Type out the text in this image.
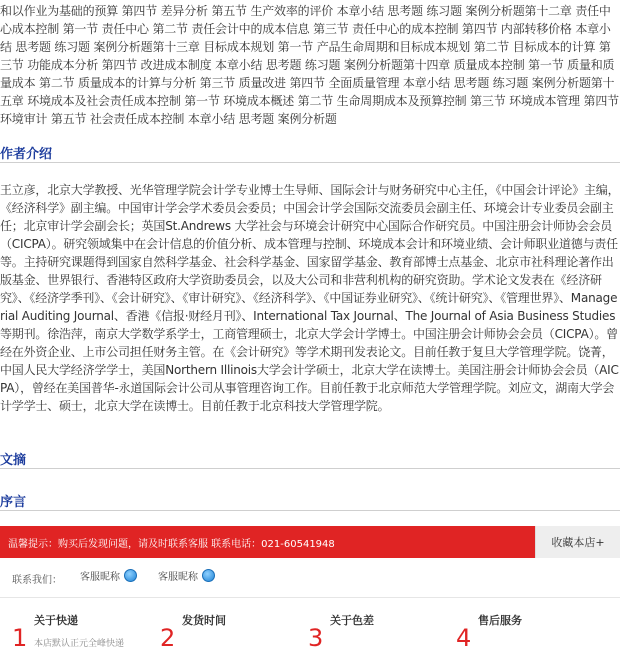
和以作业为基础的预算 第四节 差异分析 第五节 生产效率的评价 本章小结 思考题 练习题 案例分析题第十二章 责任中心成本控制 第一节 责任中心 第二节 责任会计中的成本信息 第三节 责任中心的成本控制 第四节 内部转移价格 本章小结 思考题 练习题 案例分析题第十三章 目标成本规划 第一节 产品生命周期和目标成本规划 第二节 目标成本的计算 第三节 功能成本分析 第四节 改进成本制度 本章小结 思考题 练习题 案例分析题第十四章 质量成本控制 第一节 质量和质量成本 第二节 质量成本的计算与分析 第三节 质量改进 第四节 全面质量管理 本章小结 思考题 练习题 案例分析题第十五章 环境成本及社会责任成本控制 第一节 环境成本概述 第二节 生命周期成本及预算控制 第三节 环境成本管理 第四节 环境审计 第五节 社会责任成本控制 本章小结 思考题 案例分析题
作者介绍
王立彦，北京大学教授、光华管理学院会计学专业博士生导师、国际会计与财务研究中心主任，《中国会计评论》主编，《经济科学》副主编。中国审计学会学术委员会委员；中国会计学会国际交流委员会副主任、环境会计专业委员会副主任；北京审计学会副会长；英国St.Andrews 大学社会与环境会计研究中心国际合作研究员。中国注册会计师协会会员（CICPA）。研究领域集中在会计信息的价值分析、成本管理与控制、环境成本会计和环境业绩、会计师职业道德与责任等。主持研究课题得到国家自然科学基金、社会科学基金、国家留学基金、教育部博士点基金、北京市社科理论著作出版基金、世界银行、香港特区政府大学资助委员会，以及大公司和非营利机构的研究资助。学术论文发表在《经济研究》、《经济学季刊》、《会计研究》、《审计研究》、《经济科学》、《中国证券业研究》、《统计研究》、《管理世界》、Managerial Auditing Journal、香港《信报·财经月刊》、International Tax Journal、The Journal of Asia Business Studies等期刊。徐浩萍，南京大学数学系学士，工商管理硕士，北京大学会计学博士。中国注册会计师协会会员（CICPA）。曾经在外资企业、上市公司担任财务主管。在《会计研究》等学术期刊发表论文。目前任教于复旦大学管理学院。饶菁，中国人民大学经济学学士，美国Northern Illinois大学会计学硕士，北京大学在读博士。美国注册会计师协会会员（AICPA），曾经在美国普华-永道国际会计公司从事管理咨询工作。目前任教于北京师范大学管理学院。刘应文，湖南大学会计学学士、硕士，北京大学在读博士。目前任教于北京科技大学管理学院。
文摘
序言
温馨提示：购买后发现问题，请及时联系客服 联系电话：021-60541948	收藏本店+
联系我们： 客服昵称	客服昵称
1
关于快递
本店默认正元全峰快递 2
发货时间
3
关于色差
4
售后服务
